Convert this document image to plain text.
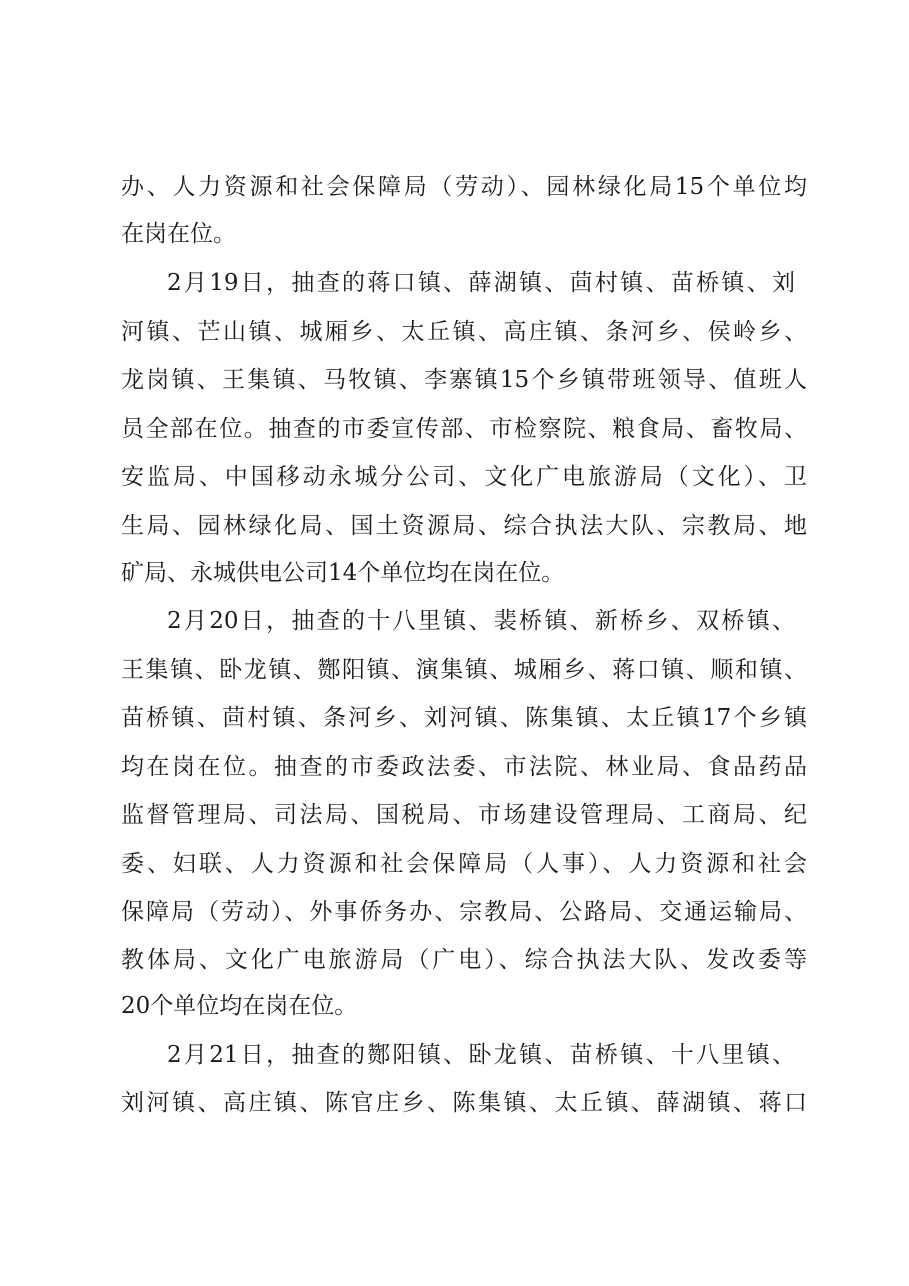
办、人力资源和社会保障局（劳动）、园林绿化局15个单位均
在岗在位。
2月19日，抽查的蒋口镇、薛湖镇、茴村镇、苗桥镇、刘
河镇、芒山镇、城厢乡、太丘镇、高庄镇、条河乡、侯岭乡、
龙岗镇、王集镇、马牧镇、李寨镇15个乡镇带班领导、值班人
员全部在位。抽查的市委宣传部、市检察院、粮食局、畜牧局、
安监局、中国移动永城分公司、文化广电旅游局（文化）、卫
生局、园林绿化局、国土资源局、综合执法大队、宗教局、地
矿局、永城供电公司14个单位均在岗在位。
2月20日，抽查的十八里镇、裴桥镇、新桥乡、双桥镇、
王集镇、卧龙镇、酂阳镇、演集镇、城厢乡、蒋口镇、顺和镇、
苗桥镇、茴村镇、条河乡、刘河镇、陈集镇、太丘镇17个乡镇
均在岗在位。抽查的市委政法委、市法院、林业局、食品药品
监督管理局、司法局、国税局、市场建设管理局、工商局、纪
委、妇联、人力资源和社会保障局（人事）、人力资源和社会
保障局（劳动）、外事侨务办、宗教局、公路局、交通运输局、
教体局、文化广电旅游局（广电）、综合执法大队、发改委等
20个单位均在岗在位。
2月21日，抽查的酂阳镇、卧龙镇、苗桥镇、十八里镇、
刘河镇、高庄镇、陈官庄乡、陈集镇、太丘镇、薛湖镇、蒋口
